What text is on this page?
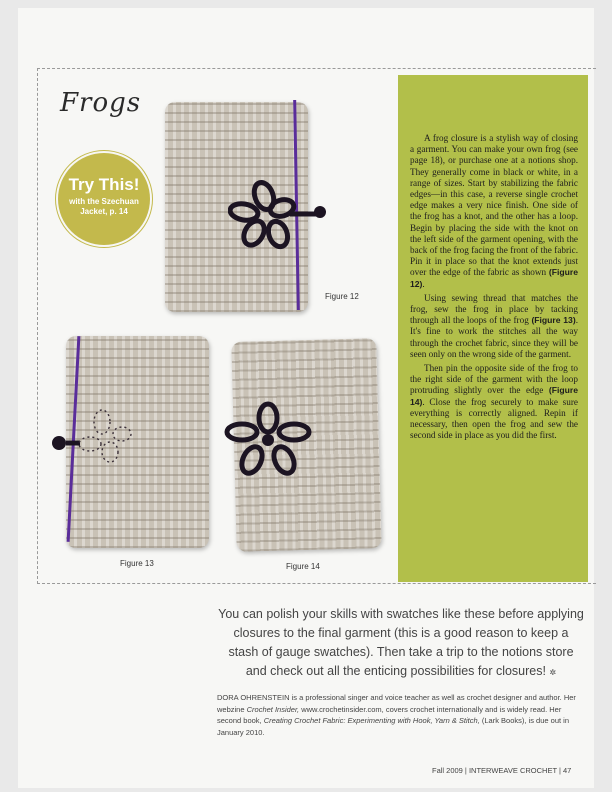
Frogs
Try This!
with the Szechuan Jacket, p. 14
Figure 12
Figure 13	Figure 14

A frog closure is a stylish way of closing a garment. You can make your own frog (see page 18), or purchase one at a notions shop. They generally come in black or white, in a range of sizes. Start by stabilizing the fabric edges—in this case, a reverse single crochet edge makes a very nice finish. One side of the frog has a knot, and the other has a loop. Begin by placing the side with the knot on the left side of the garment opening, with the back of the frog facing the front of the fabric. Pin it in place so that the knot extends just over the edge of the fabric as shown (Figure 12).

Using sewing thread that matches the frog, sew the frog in place by tacking through all the loops of the frog (Figure 13). It's fine to work the stitches all the way through the crochet fabric, since they will be seen only on the wrong side of the garment.

Then pin the opposite side of the frog to the right side of the garment with the loop protruding slightly over the edge (Figure 14). Close the frog securely to make sure everything is correctly aligned. Repin if necessary, then open the frog and sew the second side in place as you did the first.

You can polish your skills with swatches like these before applying closures to the final garment (this is a good reason to keep a stash of gauge swatches). Then take a trip to the notions store and check out all the enticing possibilities for closures! ✲

DORA OHRENSTEIN is a professional singer and voice teacher as well as crochet designer and author. Her webzine Crochet Insider, www.crochetinsider.com, covers crochet internationally and is widely read. Her second book, Creating Crochet Fabric: Experimenting with Hook, Yarn & Stitch, (Lark Books), is due out in January 2010.

Fall 2009 | INTERWEAVE CROCHET | 47
